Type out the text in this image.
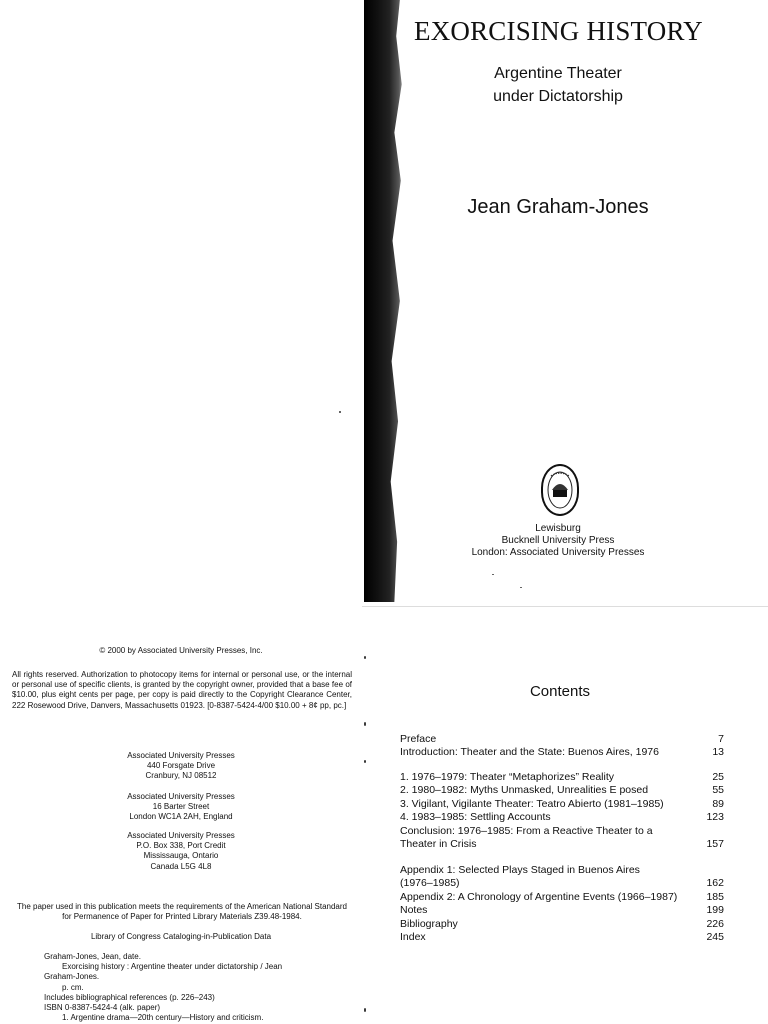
EXORCISING HISTORY
Argentine Theater
under Dictatorship
Jean Graham-Jones
Lewisburg
Bucknell University Press
London: Associated University Presses
© 2000 by Associated University Presses, Inc.
All rights reserved. Authorization to photocopy items for internal or personal use, or the internal or personal use of specific clients, is granted by the copyright owner, provided that a base fee of $10.00, plus eight cents per page, per copy is paid directly to the Copyright Clearance Center, 222 Rosewood Drive, Danvers, Massachusetts 01923. [0-8387-5424-4/00 $10.00 + 8¢ pp, pc.]
Associated University Presses
440 Forsgate Drive
Cranbury, NJ 08512
Associated University Presses
16 Barter Street
London WC1A 2AH, England
Associated University Presses
P.O. Box 338, Port Credit
Mississauga, Ontario
Canada L5G 4L8
The paper used in this publication meets the requirements of the American National Standard for Permanence of Paper for Printed Library Materials Z39.48-1984.
Library of Congress Cataloging-in-Publication Data
Graham-Jones, Jean, date.
Exorcising history : Argentine theater under dictatorship / Jean
Graham-Jones.
p. cm.
Includes bibliographical references (p. 226–243)
ISBN 0-8387-5424-4 (alk. paper)
1. Argentine drama—20th century—History and criticism.
Contents
Preface	7
Introduction: Theater and the State: Buenos Aires, 1976	13
1. 1976–1979: Theater “Metaphorizes” Reality	25
2. 1980–1982: Myths Unmasked, Unrealities E posed	55
3. Vigilant, Vigilante Theater: Teatro Abierto (1981–1985)	89
4. 1983–1985: Settling Accounts	123
Conclusion: 1976–1985: From a Reactive Theater to a Theater in Crisis	157
Appendix 1: Selected Plays Staged in Buenos Aires (1976–1985)	162
Appendix 2: A Chronology of Argentine Events (1966–1987)	185
Notes	199
Bibliography	226
Index	245
